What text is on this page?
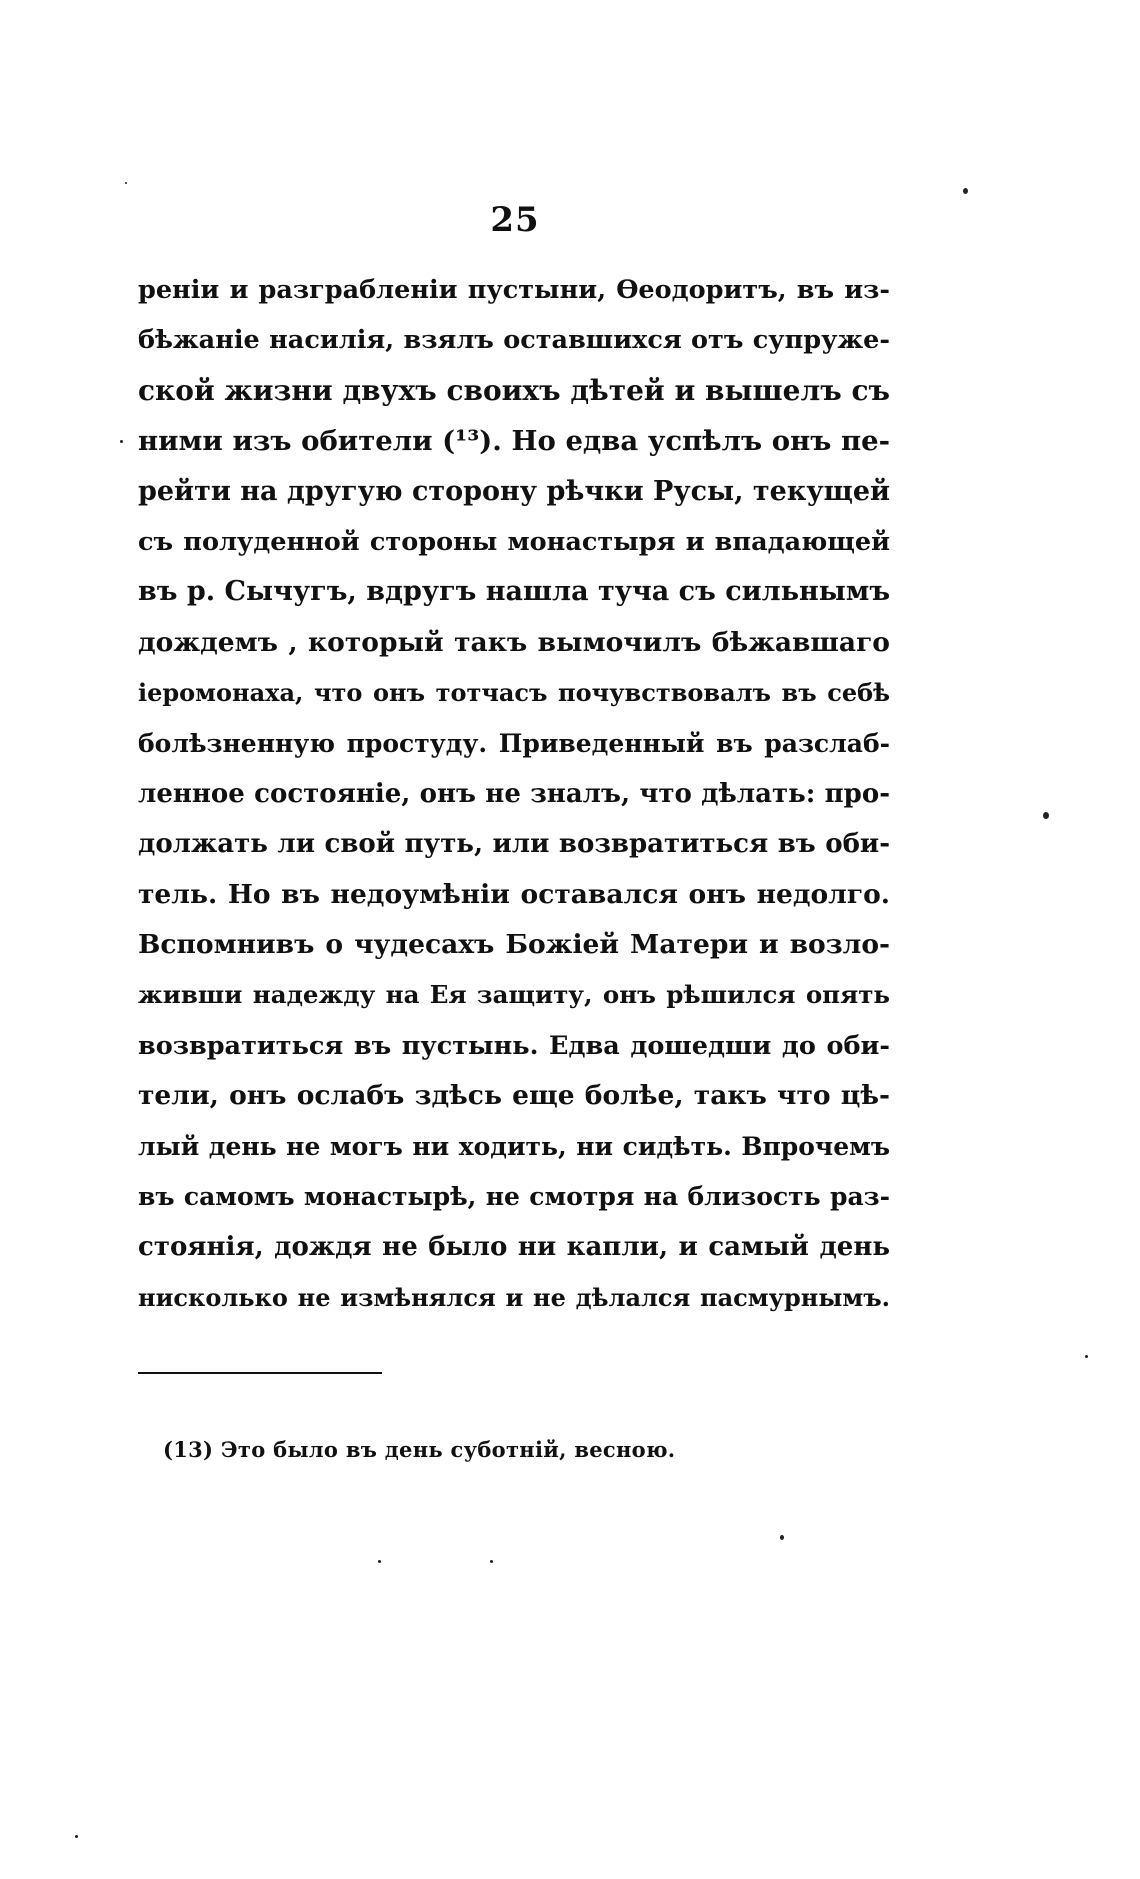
25
реніи и разграбленіи пустыни, Ѳеодоритъ, въ из-
бѣжаніе насилія, взялъ оставшихся отъ супруже-
ской жизни двухъ своихъ дѣтей и вышелъ съ
ними изъ обители (¹³). Но едва успѣлъ онъ пе-
рейти на другую сторону рѣчки Русы, текущей
съ полуденной стороны монастыря и впадающей
въ р. Сычугъ, вдругъ нашла туча съ сильнымъ
дождемъ , который такъ вымочилъ бѣжавшаго
іеромонаха, что онъ тотчасъ почувствовалъ въ себѣ
болѣзненную простуду. Приведенный въ разслаб-
ленное состояніе, онъ не зналъ, что дѣлать: про-
должать ли свой путь, или возвратиться въ оби-
тель. Но въ недоумѣніи оставался онъ недолго.
Вспомнивъ о чудесахъ Божіей Матери и возло-
живши надежду на Ея защиту, онъ рѣшился опять
возвратиться въ пустынь. Едва дошедши до оби-
тели, онъ ослабъ здѣсь еще болѣе, такъ что цѣ-
лый день не могъ ни ходить, ни сидѣть. Впрочемъ
въ самомъ монастырѣ, не смотря на близость раз-
стоянія, дождя не было ни капли, и самый день
нисколько не измѣнялся и не дѣлался пасмурнымъ.
(13) Это было въ день суботній, весною.
